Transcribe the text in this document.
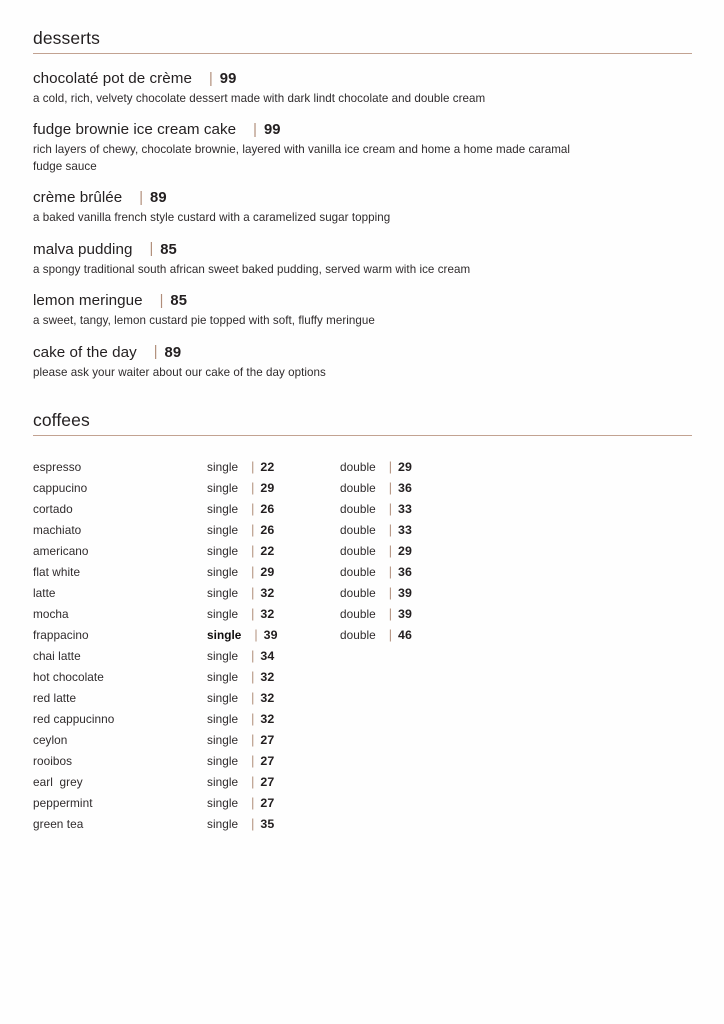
desserts
chocolaté pot de crème | 99
a cold, rich, velvety chocolate dessert made with dark lindt chocolate and double cream
fudge brownie ice cream cake | 99
rich layers of chewy, chocolate brownie, layered with vanilla ice cream and home a home made caramal fudge sauce
crème brûlée | 89
a baked vanilla french style custard with a caramelized sugar topping
malva pudding | 85
a spongy traditional south african sweet baked pudding, served warm with ice cream
lemon meringue | 85
a sweet, tangy, lemon custard pie topped with soft, fluffy meringue
cake of the day | 89
please ask your waiter about our cake of the day options
coffees
espresso	single | 22	double | 29
cappucino	single | 29	double | 36
cortado	single | 26	double | 33
machiato	single | 26	double | 33
americano	single | 22	double | 29
flat white	single | 29	double | 36
latte	single | 32	double | 39
mocha	single | 32	double | 39
frappacino	single | 39	double | 46
chai latte	single | 34
hot chocolate	single | 32
red latte	single | 32
red cappucinno	single | 32
ceylon	single | 27
rooibos	single | 27
earl  grey	single | 27
peppermint	single | 27
green tea	single | 35
